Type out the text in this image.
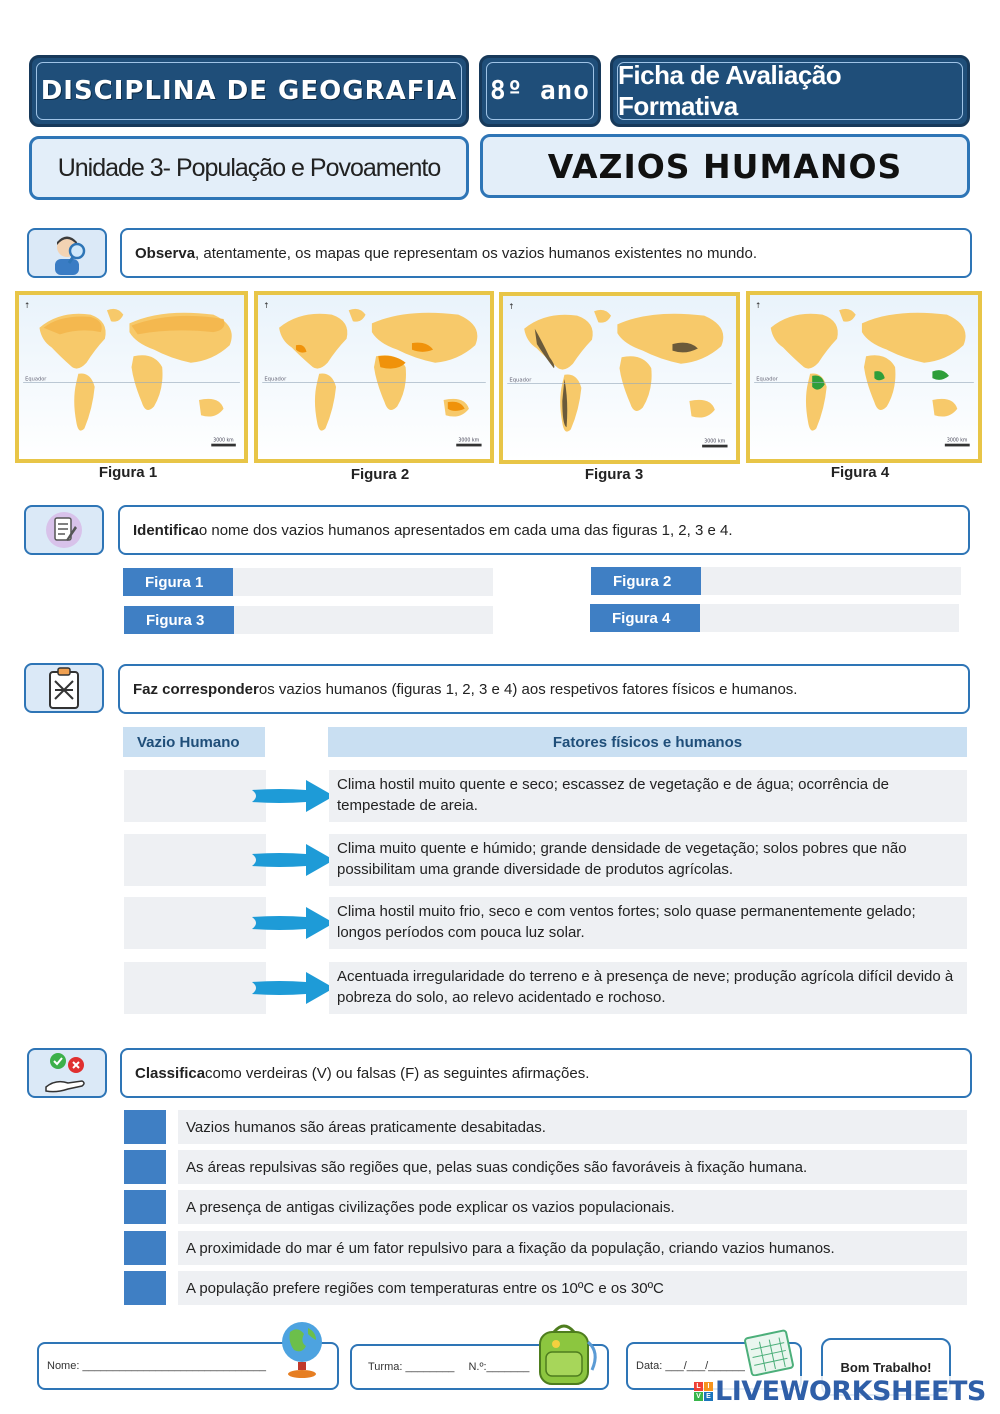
DISCIPLINA DE GEOGRAFIA 8º ano
Ficha de Avaliação Formativa
Unidade 3- População e Povoamento	VAZIOS HUMANOS
Observa , atentamente, os mapas que representam os vazios humanos existentes no mundo.
Equador
3000 km
↑
Figura 1
Equador
3000 km
↑
Figura 2
Equador
3000 km
↑
Figura 3
Equador
3000 km
↑
Figura 4
Identifica o nome dos vazios humanos apresentados em cada uma das figuras 1, 2, 3 e 4.
Figura 1	Figura 2
Figura 3	Figura 4
Faz corresponder os vazios humanos (figuras 1, 2, 3 e 4) aos respetivos fatores físicos e humanos.
Vazio Humano	Fatores físicos e humanos
Clima hostil muito quente e seco; escassez de vegetação e de água; ocorrência de tempestade de areia.
Clima muito quente e húmido; grande densidade de vegetação; solos pobres que não possibilitam uma grande diversidade de produtos agrícolas.
Clima hostil muito frio, seco e com ventos fortes; solo quase permanentemente gelado; longos períodos com pouca luz solar.
Acentuada irregularidade do terreno e à presença de neve; produção agrícola difícil devido à pobreza do solo, ao relevo acidentado e rochoso.
Classifica como verdeiras (V) ou falsas (F) as seguintes afirmações.
Vazios humanos são áreas praticamente desabitadas.
As áreas repulsivas são regiões que, pelas suas condições são favoráveis à fixação humana.
A presença de antigas civilizações pode explicar os vazios populacionais.
A proximidade do mar é um fator repulsivo para a fixação da população, criando vazios humanos.
A população prefere regiões com temperaturas entre os 10ºC e os 30ºC
Nome: ______________________________	Turma: ________ N.º:_______	Data: ___/___/______	Bom Trabalho!
L I
V E LIVEWORKSHEETS
